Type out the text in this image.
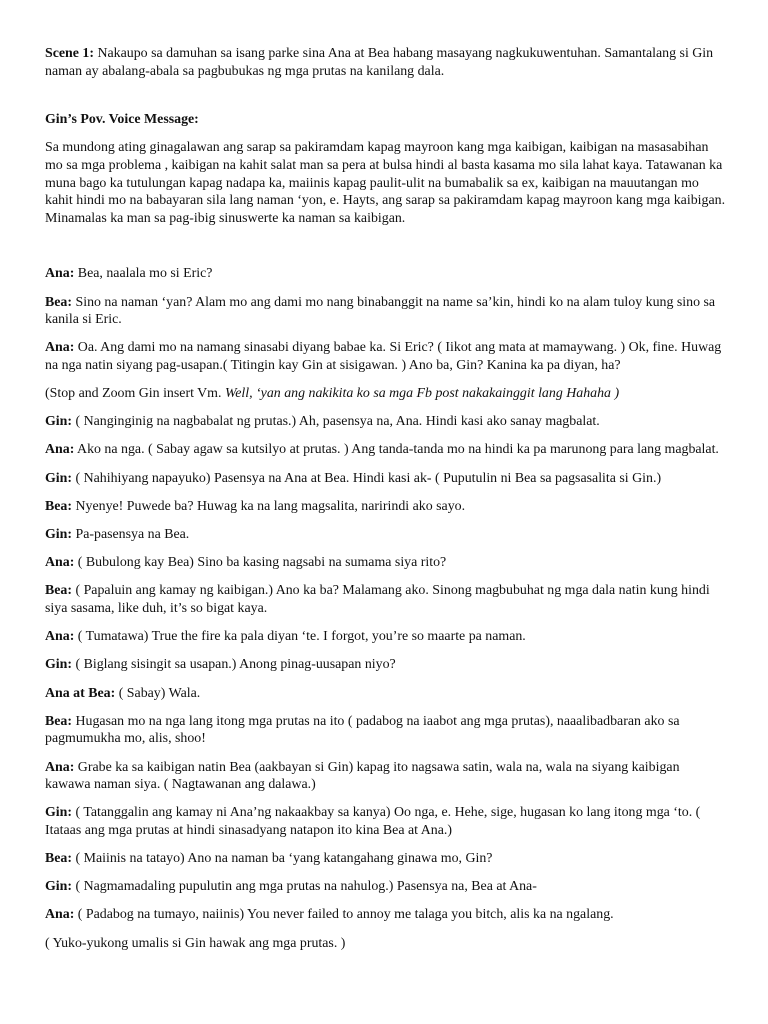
Scene 1: Nakaupo sa damuhan sa isang parke sina Ana at Bea habang masayang nagkukuwentuhan. Samantalang si Gin naman ay abalang-abala sa pagbubukas ng mga prutas na kanilang dala.

Gin’s Pov. Voice Message:

Sa mundong ating ginagalawan ang sarap sa pakiramdam kapag mayroon kang mga kaibigan, kaibigan na masasabihan mo sa mga problema , kaibigan na kahit salat man sa pera at bulsa hindi al basta kasama mo sila lahat kaya. Tatawanan ka muna bago ka tutulungan kapag nadapa ka, maiinis kapag paulit-ulit na bumabalik sa ex, kaibigan na mauutangan mo kahit hindi mo na babayaran sila lang naman ‘yon, e. Hayts, ang sarap sa pakiramdam kapag mayroon kang mga kaibigan. Minamalas ka man sa pag-ibig sinuswerte ka naman sa kaibigan.

Ana: Bea, naalala mo si Eric?

Bea: Sino na naman ‘yan? Alam mo ang dami mo nang binabanggit na name sa’kin, hindi ko na alam tuloy kung sino sa kanila si Eric.

Ana: Oa. Ang dami mo na namang sinasabi diyang babae ka. Si Eric? ( Iikot ang mata at mamaywang. ) Ok, fine. Huwag na nga natin siyang pag-usapan.( Titingin kay Gin at sisigawan. ) Ano ba, Gin? Kanina ka pa diyan, ha?

(Stop and Zoom Gin insert Vm. Well, ‘yan ang nakikita ko sa mga Fb post nakakainggit lang Hahaha )

Gin: ( Nanginginig na nagbabalat ng prutas.) Ah, pasensya na, Ana. Hindi kasi ako sanay magbalat.

Ana: Ako na nga. ( Sabay agaw sa kutsilyo at prutas. ) Ang tanda-tanda mo na hindi ka pa marunong para lang magbalat.

Gin: ( Nahihiyang napayuko) Pasensya na Ana at Bea. Hindi kasi ak- ( Puputulin ni Bea sa pagsasalita si Gin.)

Bea: Nyenye! Puwede ba? Huwag ka na lang magsalita, naririndi ako sayo.

Gin: Pa-pasensya na Bea.

Ana: ( Bubulong kay Bea) Sino ba kasing nagsabi na sumama siya rito?

Bea: ( Papaluin ang kamay ng kaibigan.) Ano ka ba? Malamang ako. Sinong magbubuhat ng mga dala natin kung hindi siya sasama, like duh, it’s so bigat kaya.

Ana: ( Tumatawa) True the fire ka pala diyan ‘te. I forgot, you’re so maarte pa naman.

Gin: ( Biglang sisingit sa usapan.) Anong pinag-uusapan niyo?

Ana at Bea: ( Sabay) Wala.

Bea: Hugasan mo na nga lang itong mga prutas na ito ( padabog na iaabot ang mga prutas), naaalibadbaran ako sa pagmumukha mo, alis, shoo!

Ana: Grabe ka sa kaibigan natin Bea (aakbayan si Gin) kapag ito nagsawa satin, wala na, wala na siyang kaibigan kawawa naman siya. ( Nagtawanan ang dalawa.)

Gin: ( Tatanggalin ang kamay ni Ana’ng nakaakbay sa kanya) Oo nga, e. Hehe, sige, hugasan ko lang itong mga ‘to. ( Itataas ang mga prutas at hindi sinasadyang natapon ito kina Bea at Ana.)

Bea: ( Maiinis na tatayo) Ano na naman ba ‘yang katangahang ginawa mo, Gin?

Gin: ( Nagmamadaling pupulutin ang mga prutas na nahulog.) Pasensya na, Bea at Ana-

Ana: ( Padabog na tumayo, naiinis) You never failed to annoy me talaga you bitch, alis ka na ngalang.

( Yuko-yukong umalis si Gin hawak ang mga prutas. )
